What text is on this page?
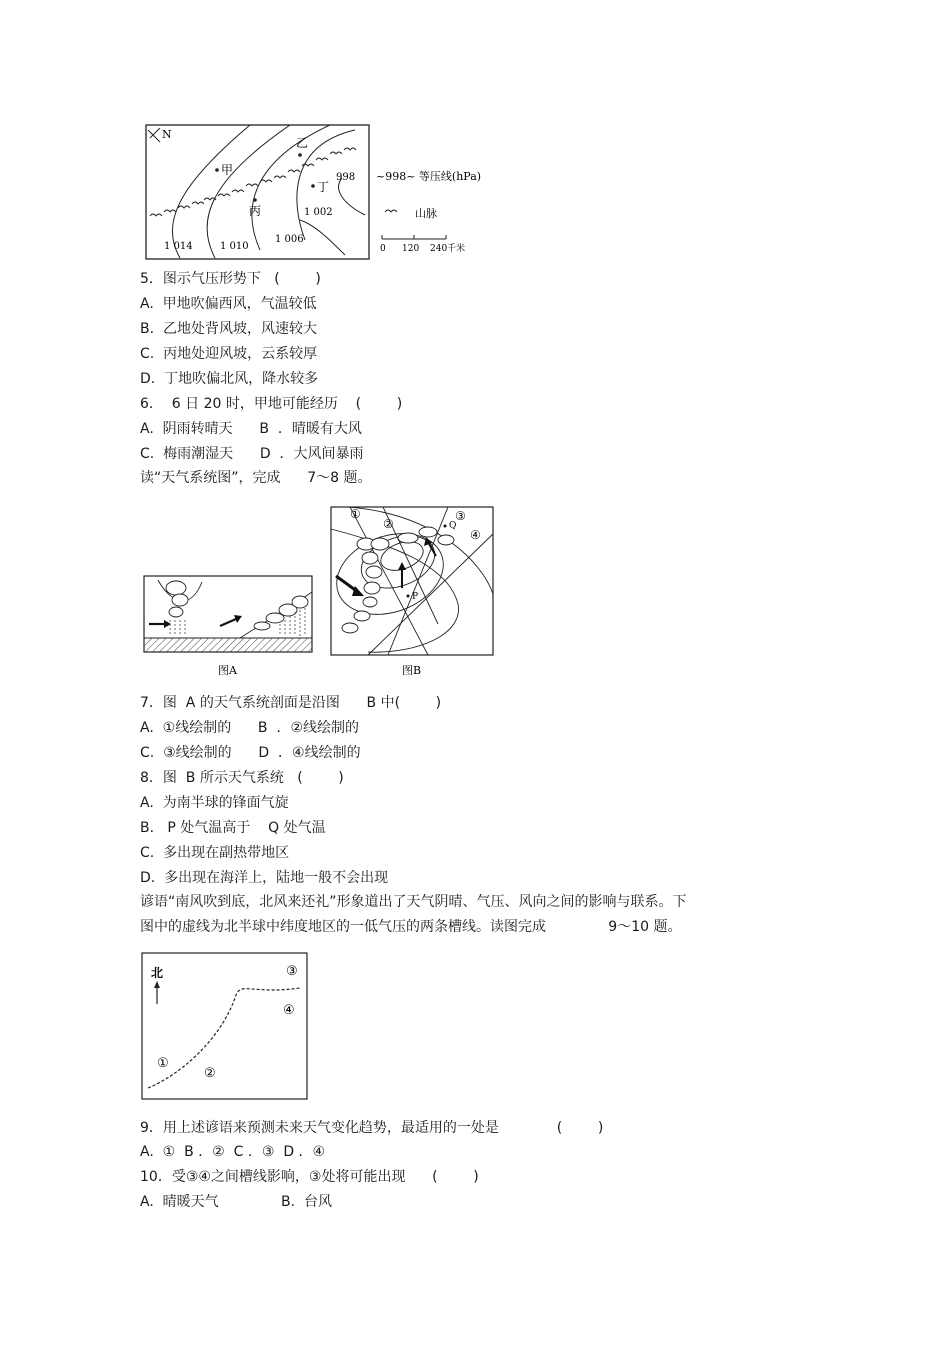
N
甲
乙
丙
丁
998
1 002
1 006
1 010
1 014
~998~ 等压线(hPa)
山脉
0 120 240千米
5．图示气压形势下   (        )
A.  甲地吹偏西风，气温较低
B.  乙地处背风坡，风速较大
C.  丙地处迎风坡，云系较厚
D.  丁地吹偏北风，降水较多
6．  6 日 20 时，甲地可能经历    (        )
A.  阴雨转晴天      B  ．晴暖有大风
C.  梅雨潮湿天      D  ．大风间暴雨
读“天气系统图”，完成      7～8 题。
图A
P
Q
①
②
③
④
图B
7．图  A 的天气系统剖面是沿图      B 中(        )
A.  ①线绘制的      B  ．②线绘制的
C.  ③线绘制的      D  ．④线绘制的
8．图  B 所示天气系统   (        )
A.  为南半球的锋面气旋
B.   P 处气温高于    Q 处气温
C.  多出现在副热带地区
D.  多出现在海洋上，陆地一般不会出现
谚语“南风吹到底，北风来还礼”形象道出了天气阴晴、气压、风向之间的影响与联系。下
图中的虚线为北半球中纬度地区的一低气压的两条槽线。读图完成              9～10 题。
北
①
②
③
④
9．用上述谚语来预测未来天气变化趋势，最适用的一处是             (        )
A.  ①  B ．②  C ．③  D ．④
10．受③④之间槽线影响，③处将可能出现      (        )
A.  晴暖天气              B.  台风
